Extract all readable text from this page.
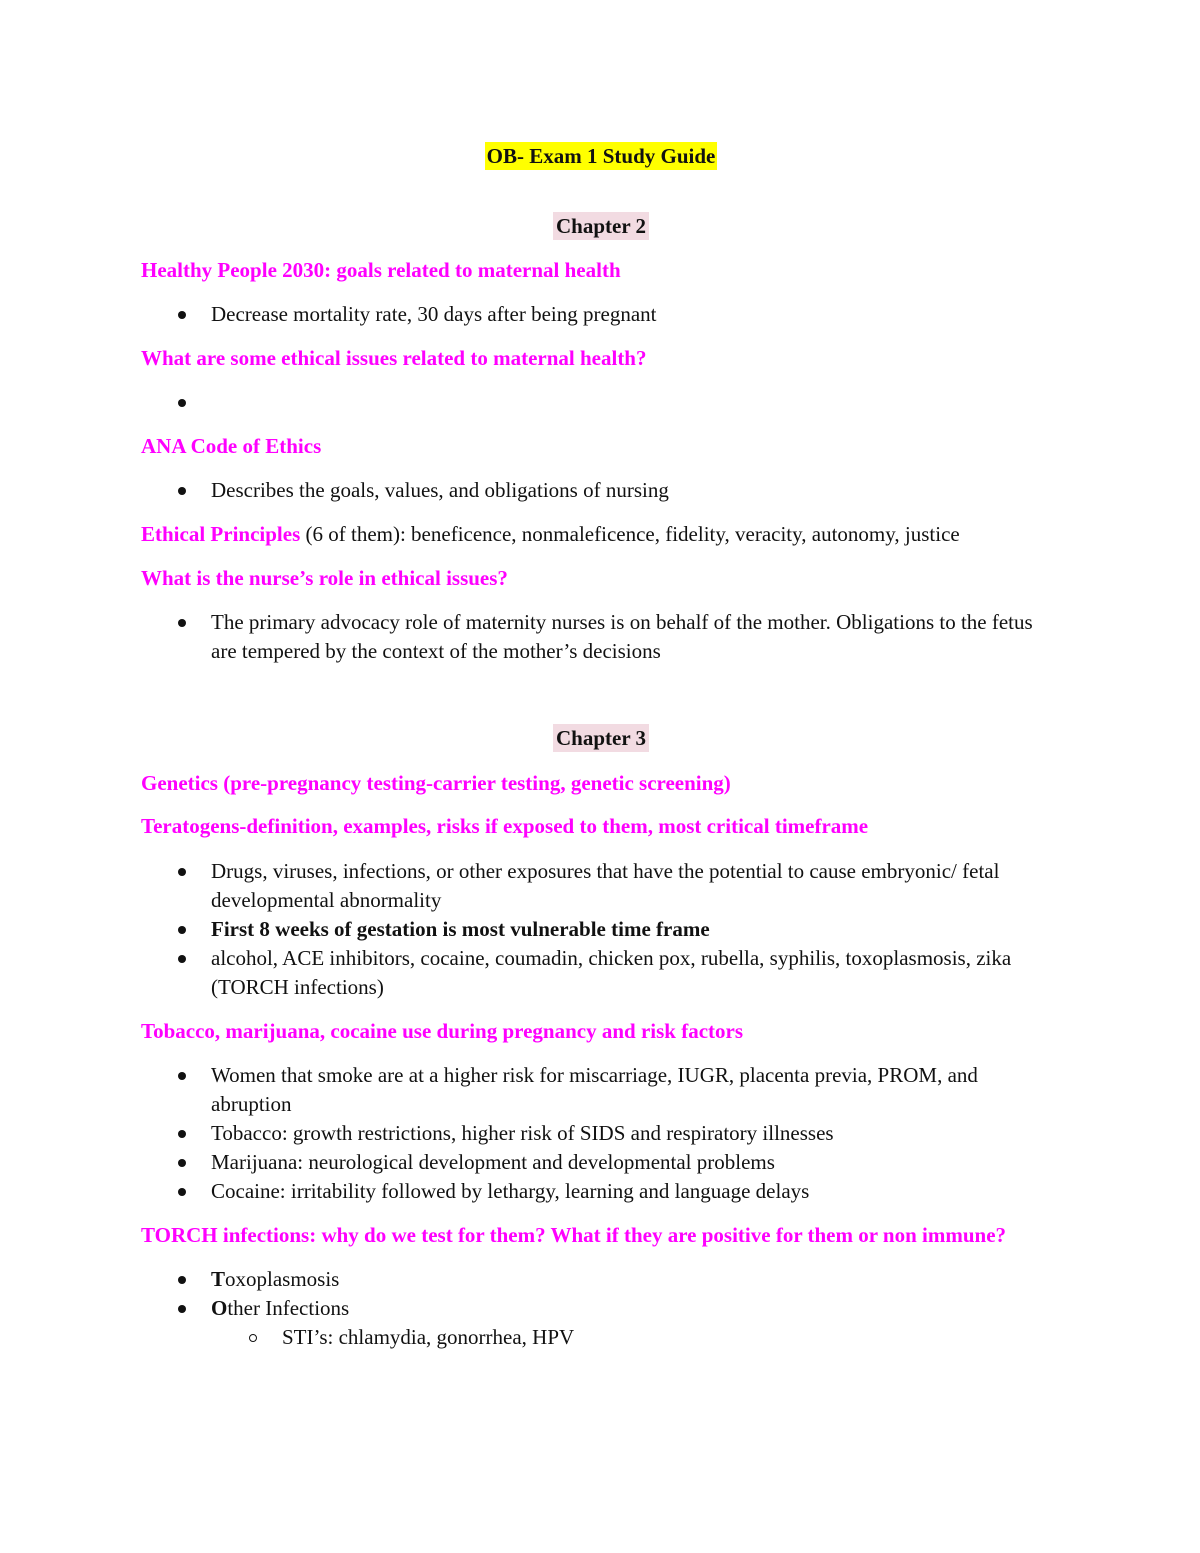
OB- Exam 1 Study Guide

Chapter 2

Healthy People 2030: goals related to maternal health

Decrease mortality rate, 30 days after being pregnant

What are some ethical issues related to maternal health?

ANA Code of Ethics

Describes the goals, values, and obligations of nursing

Ethical Principles (6 of them): beneficence, nonmaleficence, fidelity, veracity, autonomy, justice

What is the nurse’s role in ethical issues?

The primary advocacy role of maternity nurses is on behalf of the mother. Obligations to the fetus are tempered by the context of the mother’s decisions

Chapter 3

Genetics (pre-pregnancy testing-carrier testing, genetic screening)

Teratogens-definition, examples, risks if exposed to them, most critical timeframe

Drugs, viruses, infections, or other exposures that have the potential to cause embryonic/ fetal developmental abnormality
First 8 weeks of gestation is most vulnerable time frame
alcohol, ACE inhibitors, cocaine, coumadin, chicken pox, rubella, syphilis, toxoplasmosis, zika (TORCH infections)

Tobacco, marijuana, cocaine use during pregnancy and risk factors

Women that smoke are at a higher risk for miscarriage, IUGR, placenta previa, PROM, and abruption
Tobacco: growth restrictions, higher risk of SIDS and respiratory illnesses
Marijuana: neurological development and developmental problems
Cocaine: irritability followed by lethargy, learning and language delays

TORCH infections: why do we test for them? What if they are positive for them or non immune?

Toxoplasmosis
Other Infections
STI’s: chlamydia, gonorrhea, HPV
